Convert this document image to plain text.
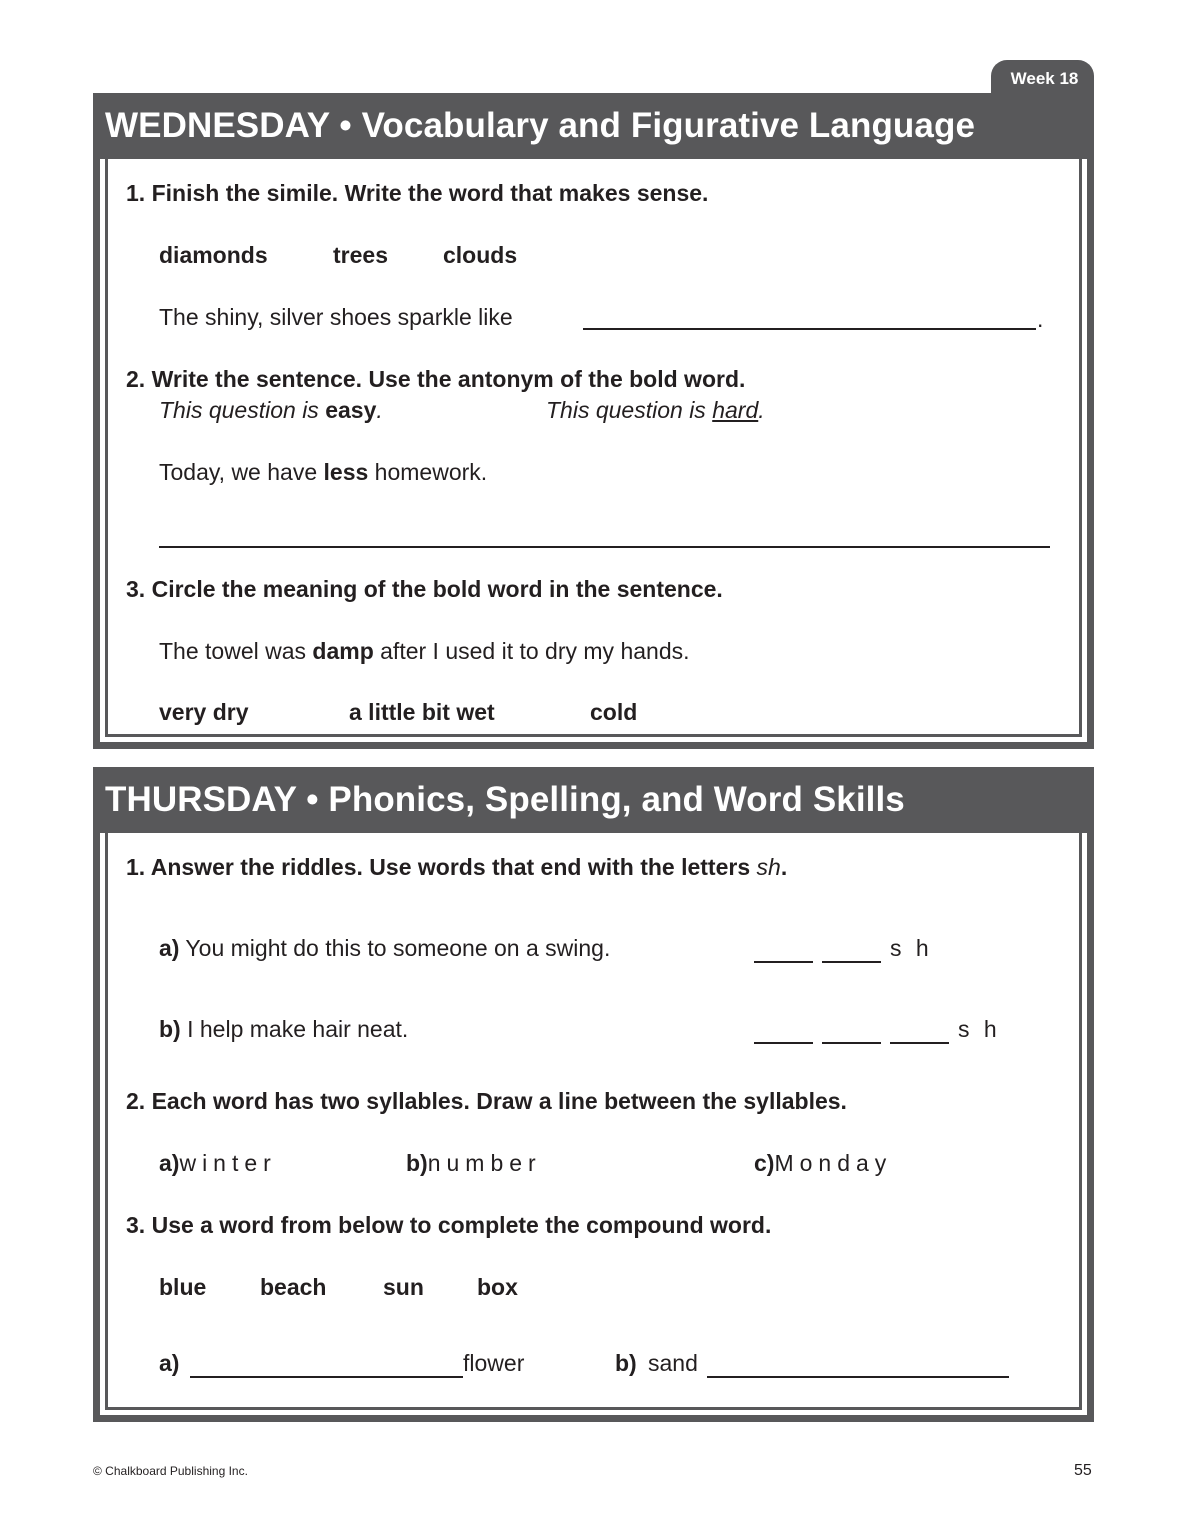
Week 18
WEDNESDAY • Vocabulary and Figurative Language
1. Finish the simile. Write the word that makes sense.
diamonds	trees clouds
The shiny, silver shoes sparkle like	.
2. Write the sentence. Use the antonym of the bold word.
This question is easy.	This question is hard.
Today, we have less homework.
3. Circle the meaning of the bold word in the sentence.
The towel was damp after I used it to dry my hands.
very dry	a little bit wet	cold
THURSDAY • Phonics, Spelling, and Word Skills
1. Answer the riddles. Use words that end with the letters sh.
a) You might do this to someone on a swing.	s h
b) I help make hair neat.	s h
2. Each word has two syllables. Draw a line between the syllables.
a)winter	b)number	c)Monday
3. Use a word from below to complete the compound word.
blue beach sun box
a)	flower	b) sand
© Chalkboard Publishing Inc.	55
